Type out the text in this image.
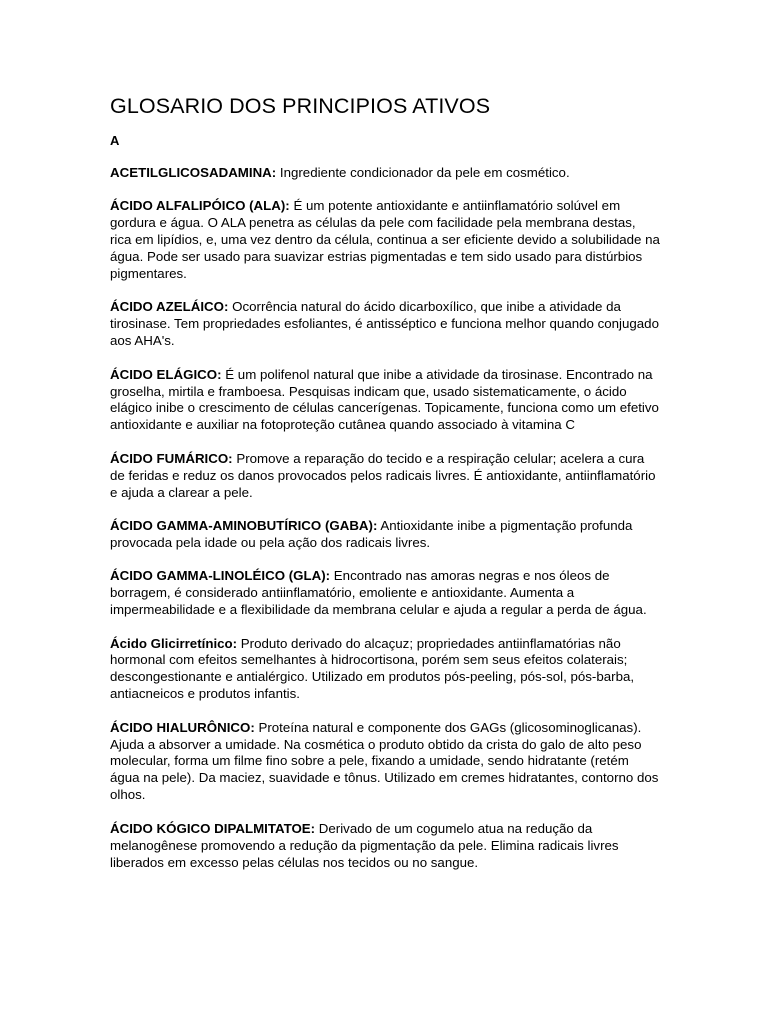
GLOSARIO DOS PRINCIPIOS ATIVOS
A

ACETILGLICOSADAMINA: Ingrediente condicionador da pele em cosmético.

ÁCIDO ALFALIPÓICO (ALA): É um potente antioxidante e antiinflamatório solúvel em gordura e água. O ALA penetra as células da pele com facilidade pela membrana destas, rica em lipídios, e, uma vez dentro da célula, continua a ser eficiente devido a solubilidade na água. Pode ser usado para suavizar estrias pigmentadas e tem sido usado para distúrbios pigmentares.

ÁCIDO AZELÁICO: Ocorrência natural do ácido dicarboxílico, que inibe a atividade da tirosinase. Tem propriedades esfoliantes, é antisséptico e funciona melhor quando conjugado aos AHA's.

ÁCIDO ELÁGICO: É um polifenol natural que inibe a atividade da tirosinase. Encontrado na groselha, mirtila e framboesa. Pesquisas indicam que, usado sistematicamente, o ácido elágico inibe o crescimento de células cancerígenas. Topicamente, funciona como um efetivo antioxidante e auxiliar na fotoproteção cutânea quando associado à vitamina C

ÁCIDO FUMÁRICO: Promove a reparação do tecido e a respiração celular; acelera a cura de feridas e reduz os danos provocados pelos radicais livres. É antioxidante, antiinflamatório e ajuda a clarear a pele.

ÁCIDO GAMMA-AMINOBUTÍRICO (GABA): Antioxidante inibe a pigmentação profunda provocada pela idade ou pela ação dos radicais livres.

ÁCIDO GAMMA-LINOLÉICO (GLA): Encontrado nas amoras negras e nos óleos de borragem, é considerado antiinflamatório, emoliente e antioxidante. Aumenta a impermeabilidade e a flexibilidade da membrana celular e ajuda a regular a perda de água.

Ácido Glicirretínico: Produto derivado do alcaçuz; propriedades antiinflamatórias não hormonal com efeitos semelhantes à hidrocortisona, porém sem seus efeitos colaterais; descongestionante e antialérgico. Utilizado em produtos pós-peeling, pós-sol, pós-barba, antiacneicos e produtos infantis.

ÁCIDO HIALURÔNICO: Proteína natural e componente dos GAGs (glicosominoglicanas). Ajuda a absorver a umidade. Na cosmética o produto obtido da crista do galo de alto peso molecular, forma um filme fino sobre a pele, fixando a umidade, sendo hidratante (retém água na pele). Da maciez, suavidade e tônus. Utilizado em cremes hidratantes, contorno dos olhos.

ÁCIDO KÓGICO DIPALMITATOE: Derivado de um cogumelo atua na redução da melanogênese promovendo a redução da pigmentação da pele. Elimina radicais livres liberados em excesso pelas células nos tecidos ou no sangue.
